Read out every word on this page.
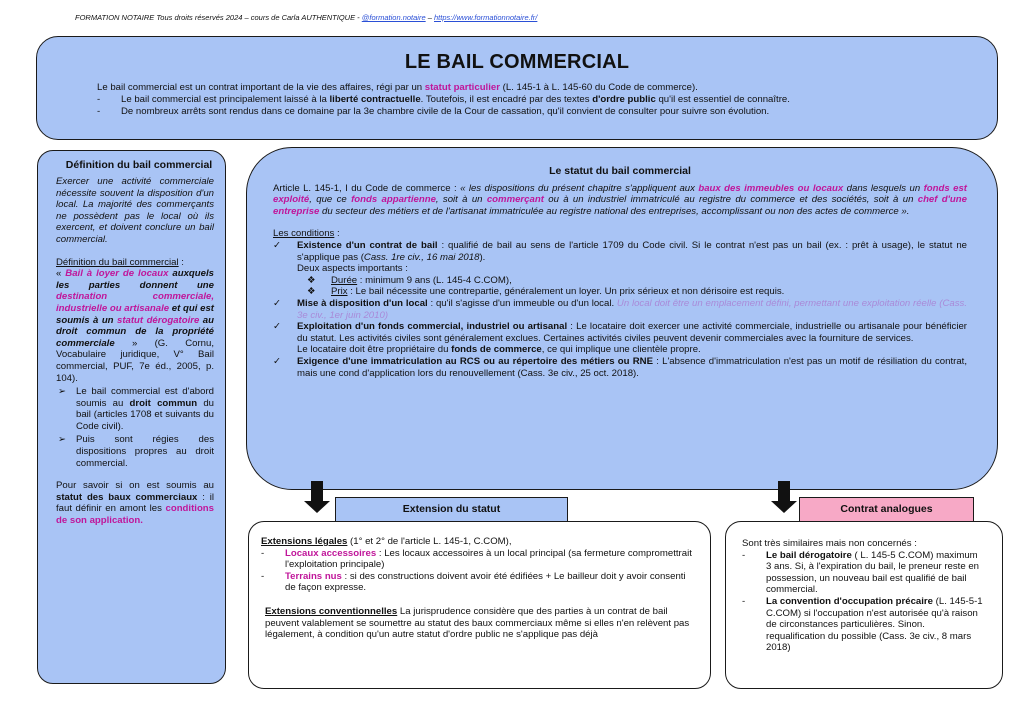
FORMATION NOTAIRE Tous droits réservés 2024 – cours de Carla AUTHENTIQUE - @formation.notaire – https://www.formationnotaire.fr/
LE BAIL COMMERCIAL
Le bail commercial est un contrat important de la vie des affaires, régi par un statut particulier (L. 145-1 à L. 145-60 du Code de commerce).
- Le bail commercial est principalement laissé à la liberté contractuelle. Toutefois, il est encadré par des textes d'ordre public qu'il est essentiel de connaître.
- De nombreux arrêts sont rendus dans ce domaine par la 3e chambre civile de la Cour de cassation, qu'il convient de consulter pour suivre son évolution.
Définition du bail commercial
Exercer une activité commerciale nécessite souvent la disposition d'un local. La majorité des commerçants ne possèdent pas le local où ils exercent, et doivent conclure un bail commercial.
Définition du bail commercial :
« Bail à loyer de locaux auxquels les parties donnent une destination commerciale, industrielle ou artisanale et qui est soumis à un statut dérogatoire au droit commun de la propriété commerciale » (G. Cornu, Vocabulaire juridique, V° Bail commercial, PUF, 7e éd., 2005, p. 104).
➢	Le bail commercial est d'abord soumis au droit commun du bail (articles 1708 et suivants du Code civil).
➢	Puis sont régies des dispositions propres au droit commercial.
Pour savoir si on est soumis au statut des baux commerciaux : il faut définir en amont les conditions de son application.
Le statut du bail commercial
Article L. 145-1, I du Code de commerce : « les dispositions du présent chapitre s'appliquent aux baux des immeubles ou locaux dans lesquels un fonds est exploité, que ce fonds appartienne, soit à un commerçant ou à un industriel immatriculé au registre du commerce et des sociétés, soit à un chef d'une entreprise du secteur des métiers et de l'artisanat immatriculée au registre national des entreprises, accomplissant ou non des actes de commerce ».
Les conditions :
✓	Existence d'un contrat de bail : qualifié de bail au sens de l'article 1709 du Code civil. Si le contrat n'est pas un bail (ex. : prêt à usage), le statut ne s'applique pas (Cass. 1re civ., 16 mai 2018).
Deux aspects importants :
❖	Durée : minimum 9 ans (L. 145-4 C.COM),
❖	Prix : Le bail nécessite une contrepartie, généralement un loyer. Un prix sérieux et non dérisoire est requis.
✓	Mise à disposition d'un local : qu'il s'agisse d'un immeuble ou d'un local. Un local doit être un emplacement défini, permettant une exploitation réelle (Cass. 3e civ., 1er juin 2010)
✓	Exploitation d'un fonds commercial, industriel ou artisanal : Le locataire doit exercer une activité commerciale, industrielle ou artisanale pour bénéficier du statut. Les activités civiles sont généralement exclues. Certaines activités civiles peuvent devenir commerciales avec la fourniture de services.
Le locataire doit être propriétaire du fonds de commerce, ce qui implique une clientèle propre.
✓	Exigence d'une immatriculation au RCS ou au répertoire des métiers ou RNE : L'absence d'immatriculation n'est pas un motif de résiliation du contrat, mais une cond d'application lors du renouvellement (Cass. 3e civ., 25 oct. 2018).
Extensions légales (1° et 2° de l'article L. 145-1, C.COM),
-	Locaux accessoires : Les locaux accessoires à un local principal (sa fermeture compromettrait l'exploitation principale)
-	Terrains nus : si des constructions doivent avoir été édifiées + Le bailleur doit y avoir consenti de façon expresse.
Extensions conventionnelles La jurisprudence considère que des parties à un contrat de bail peuvent valablement se soumettre au statut des baux commerciaux même si elles n'en relèvent pas légalement, à condition qu'un autre statut d'ordre public ne s'applique pas déjà
Extension du statut
Sont très similaires mais non concernés :
-	Le bail dérogatoire ( L. 145-5 C.COM) maximum 3 ans. Si, à l'expiration du bail, le preneur reste en possession, un nouveau bail est qualifié de bail commercial.
-	La convention d'occupation précaire (L. 145-5-1 C.COM) si l'occupation n'est autorisée qu'à raison de circonstances particulières. Sinon. requalification du possible (Cass. 3e civ., 8 mars 2018)
Contrat analogues
